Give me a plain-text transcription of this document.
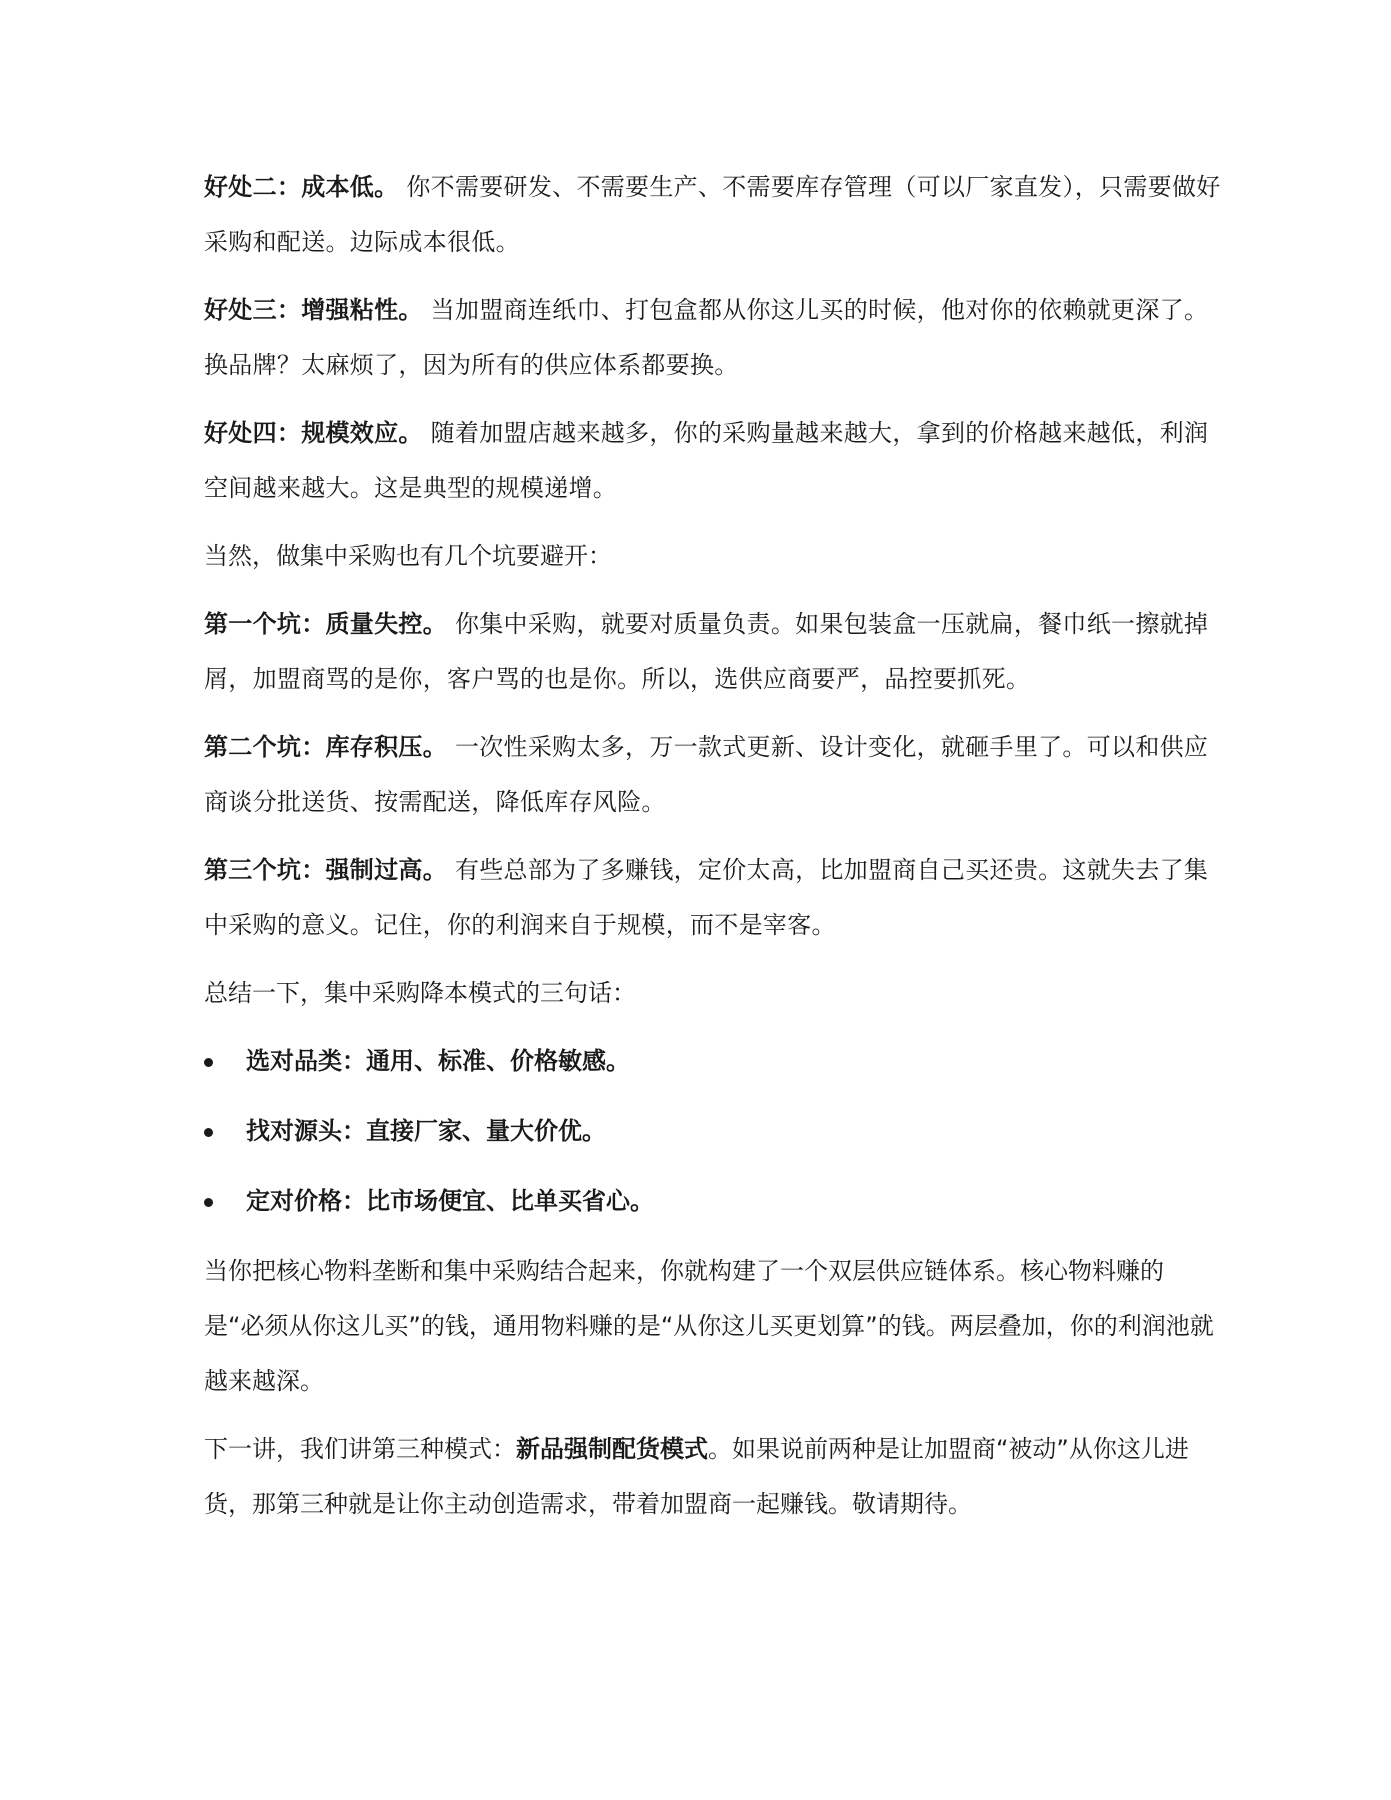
好处二：成本低。 你不需要研发、不需要生产、不需要库存管理（可以厂家直发），只需要做好采购和配送。边际成本很低。

好处三：增强粘性。 当加盟商连纸巾、打包盒都从你这儿买的时候，他对你的依赖就更深了。换品牌？太麻烦了，因为所有的供应体系都要换。

好处四：规模效应。 随着加盟店越来越多，你的采购量越来越大，拿到的价格越来越低，利润空间越来越大。这是典型的规模递增。

当然，做集中采购也有几个坑要避开：

第一个坑：质量失控。 你集中采购，就要对质量负责。如果包装盒一压就扁，餐巾纸一擦就掉屑，加盟商骂的是你，客户骂的也是你。所以，选供应商要严，品控要抓死。

第二个坑：库存积压。 一次性采购太多，万一款式更新、设计变化，就砸手里了。可以和供应商谈分批送货、按需配送，降低库存风险。

第三个坑：强制过高。 有些总部为了多赚钱，定价太高，比加盟商自己买还贵。这就失去了集中采购的意义。记住，你的利润来自于规模，而不是宰客。

总结一下，集中采购降本模式的三句话：

选对品类：通用、标准、价格敏感。
找对源头：直接厂家、量大价优。
定对价格：比市场便宜、比单买省心。

当你把核心物料垄断和集中采购结合起来，你就构建了一个双层供应链体系。核心物料赚的是“必须从你这儿买”的钱，通用物料赚的是“从你这儿买更划算”的钱。两层叠加，你的利润池就越来越深。

下一讲，我们讲第三种模式：新品强制配货模式。如果说前两种是让加盟商“被动”从你这儿进货，那第三种就是让你主动创造需求，带着加盟商一起赚钱。敬请期待。
